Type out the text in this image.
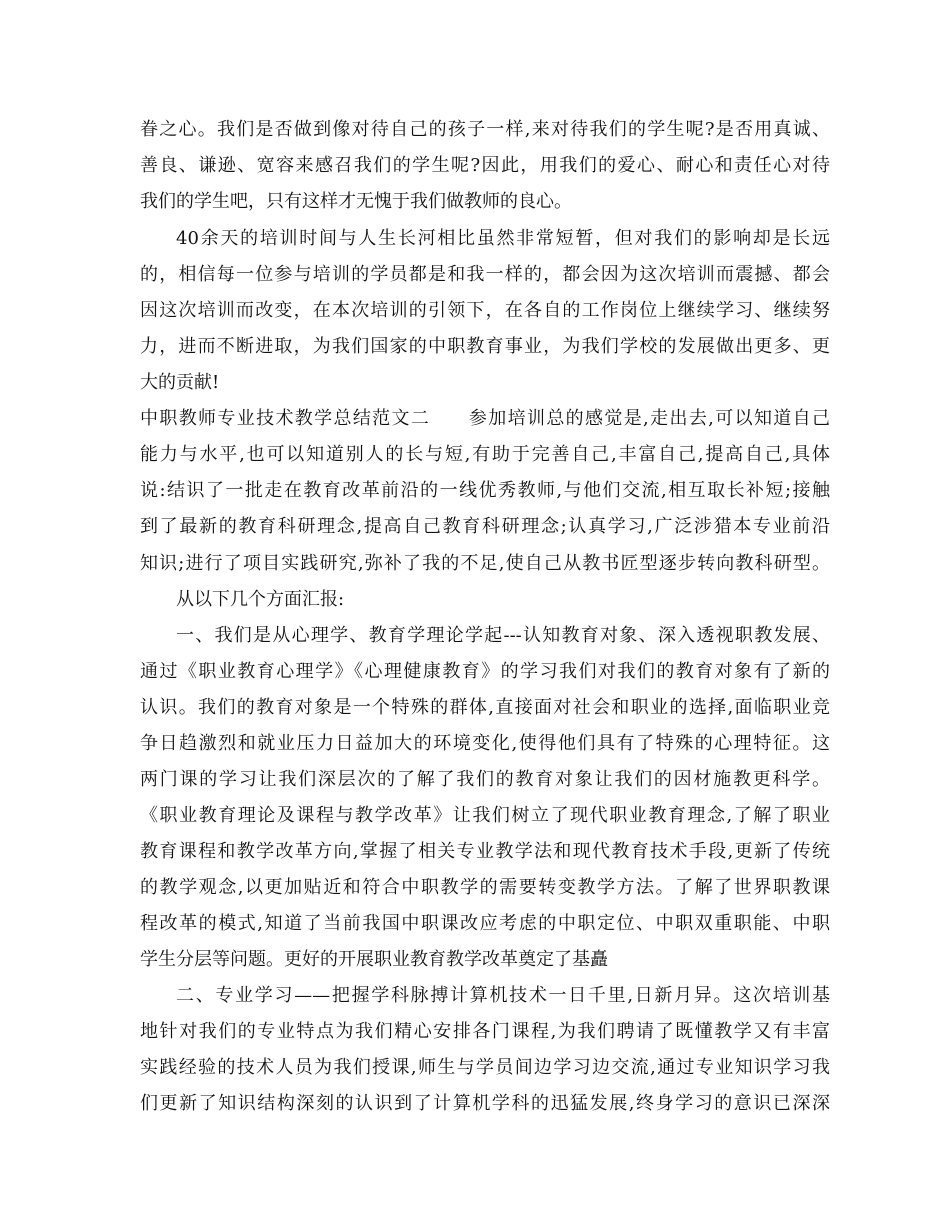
眷之心。我们是否做到像对待自己的孩子一样,来对待我们的学生呢?是否用真诚、
善良、谦逊、宽容来感召我们的学生呢?因此，用我们的爱心、耐心和责任心对待
我们的学生吧，只有这样才无愧于我们做教师的良心。
40余天的培训时间与人生长河相比虽然非常短暂，但对我们的影响却是长远
的，相信每一位参与培训的学员都是和我一样的，都会因为这次培训而震撼、都会
因这次培训而改变，在本次培训的引领下，在各自的工作岗位上继续学习、继续努
力，进而不断进取，为我们国家的中职教育事业，为我们学校的发展做出更多、更
大的贡献!
中职教师专业技术教学总结范文二　　参加培训总的感觉是,走出去,可以知道自己
能力与水平,也可以知道别人的长与短,有助于完善自己,丰富自己,提高自己,具体
说:结识了一批走在教育改革前沿的一线优秀教师,与他们交流,相互取长补短;接触
到了最新的教育科研理念,提高自己教育科研理念;认真学习,广泛涉猎本专业前沿
知识;进行了项目实践研究,弥补了我的不足,使自己从教书匠型逐步转向教科研型。
从以下几个方面汇报:
一、我们是从心理学、教育学理论学起---认知教育对象、深入透视职教发展、
通过《职业教育心理学》《心理健康教育》的学习我们对我们的教育对象有了新的
认识。我们的教育对象是一个特殊的群体,直接面对社会和职业的选择,面临职业竞
争日趋激烈和就业压力日益加大的环境变化,使得他们具有了特殊的心理特征。这
两门课的学习让我们深层次的了解了我们的教育对象让我们的因材施教更科学。
《职业教育理论及课程与教学改革》让我们树立了现代职业教育理念,了解了职业
教育课程和教学改革方向,掌握了相关专业教学法和现代教育技术手段,更新了传统
的教学观念,以更加贴近和符合中职教学的需要转变教学方法。了解了世界职教课
程改革的模式,知道了当前我国中职课改应考虑的中职定位、中职双重职能、中职
学生分层等问题。更好的开展职业教育教学改革奠定了基矗
二、专业学习——把握学科脉搏计算机技术一日千里,日新月异。这次培训基
地针对我们的专业特点为我们精心安排各门课程,为我们聘请了既懂教学又有丰富
实践经验的技术人员为我们授课,师生与学员间边学习边交流,通过专业知识学习我
们更新了知识结构深刻的认识到了计算机学科的迅猛发展,终身学习的意识已深深
